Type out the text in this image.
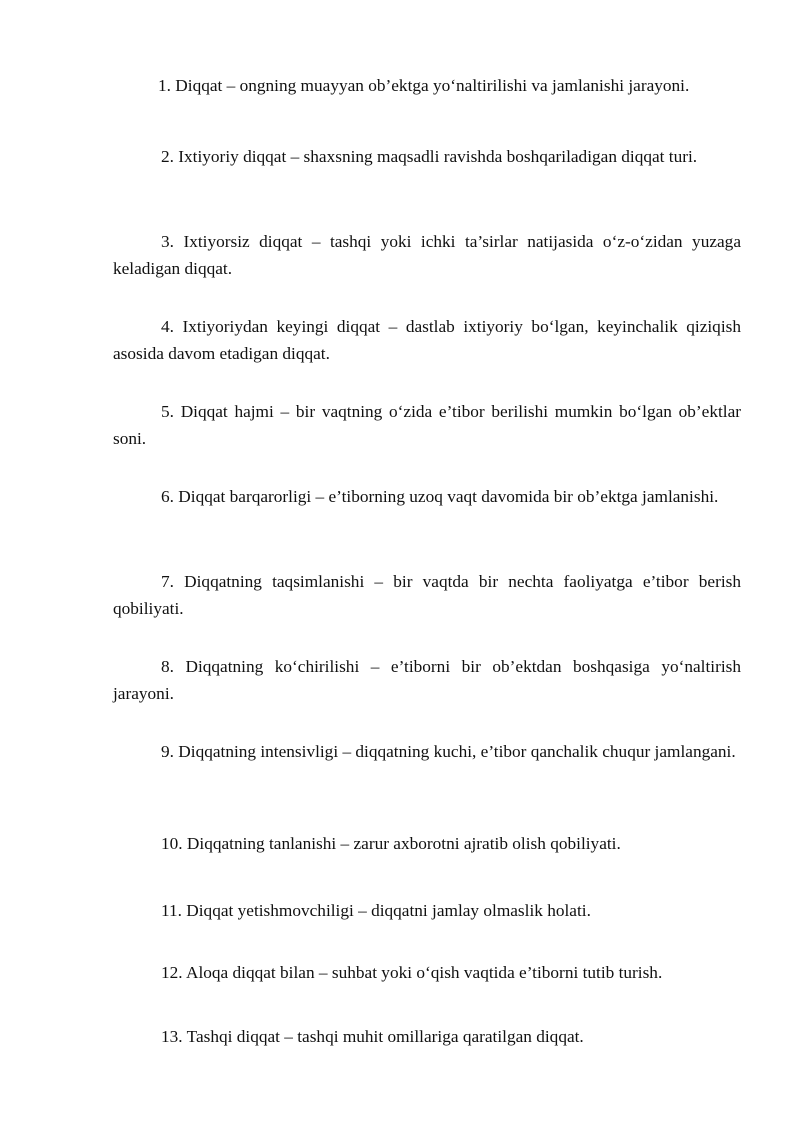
1. Diqqat – ongning muayyan ob’ektga yo‘naltirilishi va jamlanishi jarayoni.

2. Ixtiyoriy diqqat – shaxsning maqsadli ravishda boshqariladigan diqqat turi.

3. Ixtiyorsiz diqqat – tashqi yoki ichki ta’sirlar natijasida o‘z-o‘zidan yuzaga keladigan diqqat.

4. Ixtiyoriydan keyingi diqqat – dastlab ixtiyoriy bo‘lgan, keyinchalik qiziqish asosida davom etadigan diqqat.

5. Diqqat hajmi – bir vaqtning o‘zida e’tibor berilishi mumkin bo‘lgan ob’ektlar soni.

6. Diqqat barqarorligi – e’tiborning uzoq vaqt davomida bir ob’ektga jamlanishi.

7. Diqqatning taqsimlanishi – bir vaqtda bir nechta faoliyatga e’tibor berish qobiliyati.

8. Diqqatning ko‘chirilishi – e’tiborni bir ob’ektdan boshqasiga yo‘naltirish jarayoni.

9. Diqqatning intensivligi – diqqatning kuchi, e’tibor qanchalik chuqur jamlangani.

10. Diqqatning tanlanishi – zarur axborotni ajratib olish qobiliyati.

11. Diqqat yetishmovchiligi – diqqatni jamlay olmaslik holati.

12. Aloqa diqqat bilan – suhbat yoki o‘qish vaqtida e’tiborni tutib turish.

13. Tashqi diqqat – tashqi muhit omillariga qaratilgan diqqat.
